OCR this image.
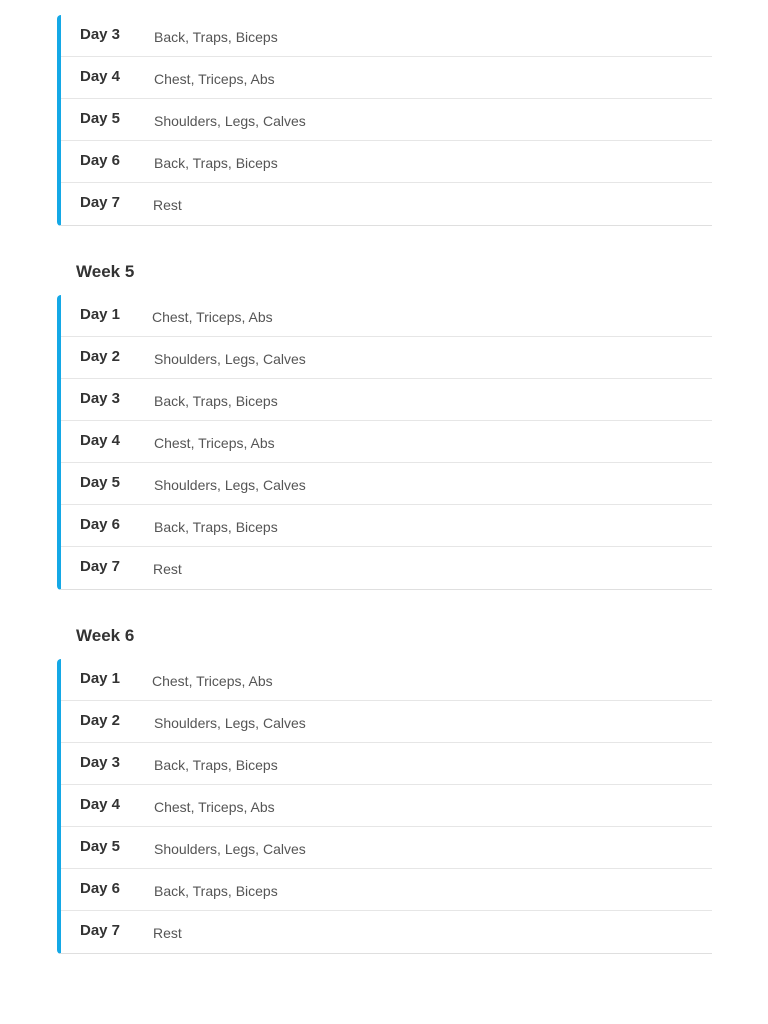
Day 3 Back, Traps, Biceps
Day 4 Chest, Triceps, Abs
Day 5 Shoulders, Legs, Calves
Day 6 Back, Traps, Biceps
Day 7 Rest
Week 5
Day 1 Chest, Triceps, Abs
Day 2 Shoulders, Legs, Calves
Day 3 Back, Traps, Biceps
Day 4 Chest, Triceps, Abs
Day 5 Shoulders, Legs, Calves
Day 6 Back, Traps, Biceps
Day 7 Rest
Week 6
Day 1 Chest, Triceps, Abs
Day 2 Shoulders, Legs, Calves
Day 3 Back, Traps, Biceps
Day 4 Chest, Triceps, Abs
Day 5 Shoulders, Legs, Calves
Day 6 Back, Traps, Biceps
Day 7 Rest
